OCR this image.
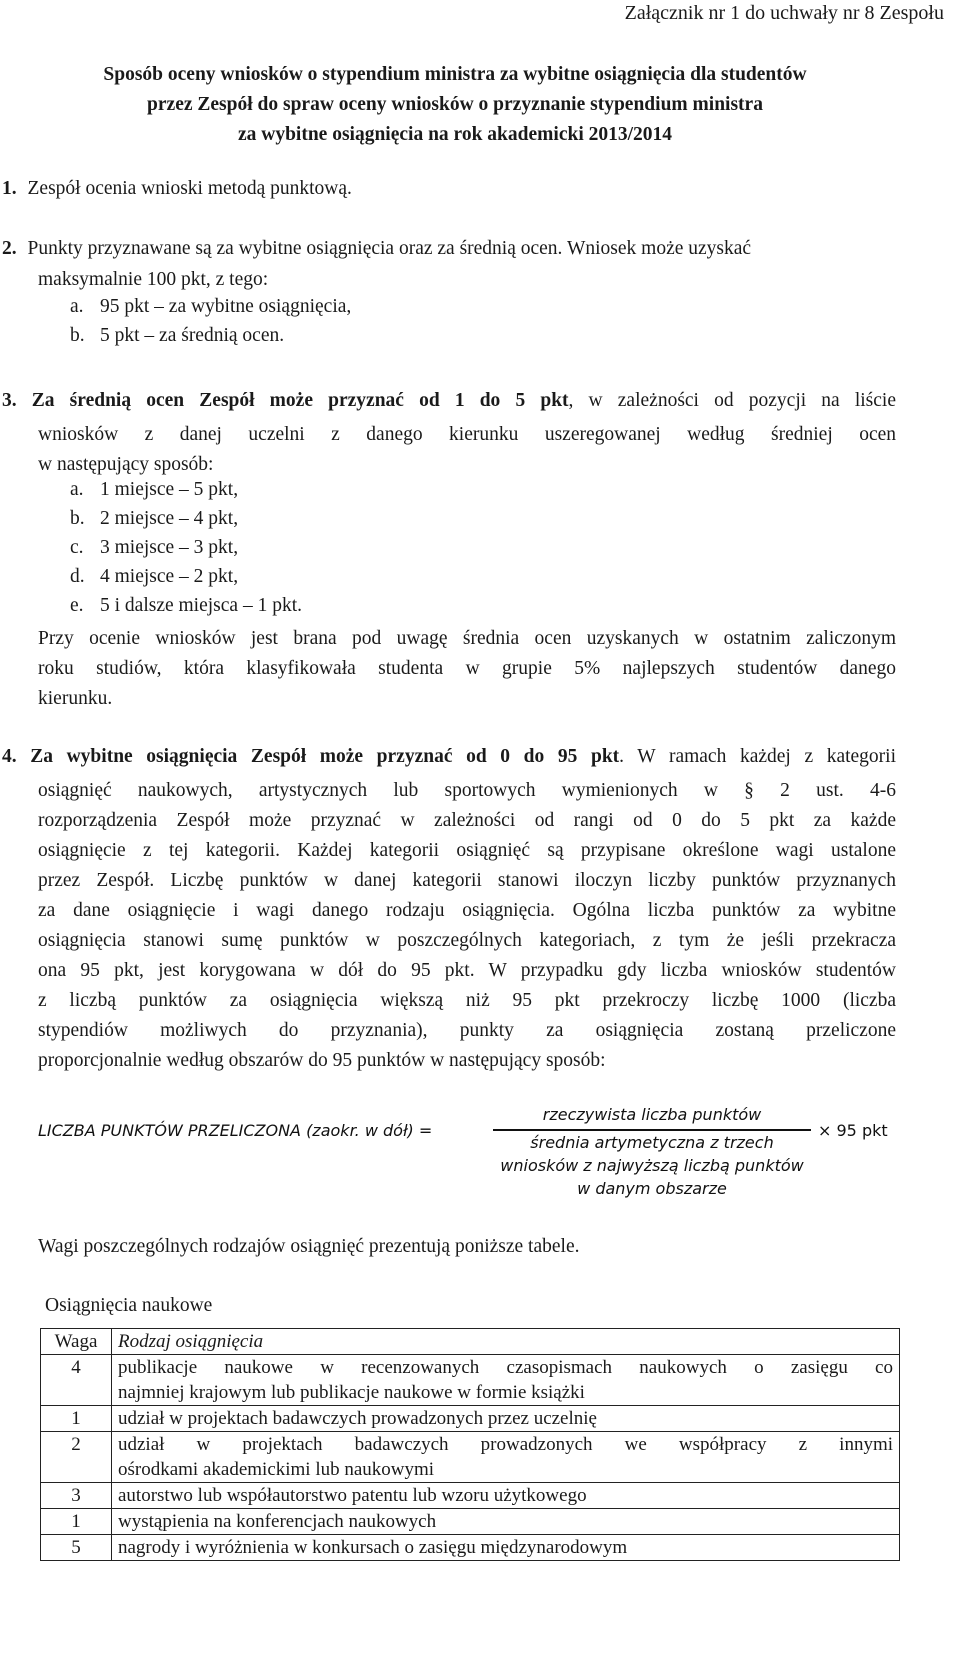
Załącznik nr 1 do uchwały nr 8 Zespołu
Sposób oceny wniosków o stypendium ministra za wybitne osiągnięcia dla studentów
przez Zespół do spraw oceny wniosków o przyznanie stypendium ministra
za wybitne osiągnięcia na rok akademicki 2013/2014
1. Zespół ocenia wnioski metodą punktową.
2. Punkty przyznawane są za wybitne osiągnięcia oraz za średnią ocen. Wniosek może uzyskać
maksymalnie 100 pkt, z tego:
a. 95 pkt – za wybitne osiągnięcia,
b. 5 pkt – za średnią ocen.
3. Za średnią ocen Zespół może przyznać od 1 do 5 pkt, w zależności od pozycji na liście
wniosków z danej uczelni z danego kierunku uszeregowanej według średniej ocen
w następujący sposób:
a. 1 miejsce – 5 pkt,
b. 2 miejsce – 4 pkt,
c. 3 miejsce – 3 pkt,
d. 4 miejsce – 2 pkt,
e. 5 i dalsze miejsca – 1 pkt.
Przy ocenie wniosków jest brana pod uwagę średnia ocen uzyskanych w ostatnim zaliczonym
roku studiów, która klasyfikowała studenta w grupie 5% najlepszych studentów danego
kierunku.
4. Za wybitne osiągnięcia Zespół może przyznać od 0 do 95 pkt. W ramach każdej z kategorii
osiągnięć naukowych, artystycznych lub sportowych wymienionych w § 2 ust. 4-6
rozporządzenia Zespół może przyznać w zależności od rangi od 0 do 5 pkt za każde
osiągnięcie z tej kategorii. Każdej kategorii osiągnięć są przypisane określone wagi ustalone
przez Zespół. Liczbę punktów w danej kategorii stanowi iloczyn liczby punktów przyznanych
za dane osiągnięcie i wagi danego rodzaju osiągnięcia. Ogólna liczba punktów za wybitne
osiągnięcia stanowi sumę punktów w poszczególnych kategoriach, z tym że jeśli przekracza
ona 95 pkt, jest korygowana w dół do 95 pkt. W przypadku gdy liczba wniosków studentów
z liczbą punktów za osiągnięcia większą niż 95 pkt przekroczy liczbę 1000 (liczba
stypendiów możliwych do przyznania), punkty za osiągnięcia zostaną przeliczone
proporcjonalnie według obszarów do 95 punktów w następujący sposób:
LICZBA PUNKTÓW PRZELICZONA (zaokr. w dół) =
rzeczywista liczba punktów
średnia artymetyczna z trzech
wniosków z najwyższą liczbą punktów
w danym obszarze
× 95 pkt
Wagi poszczególnych rodzajów osiągnięć prezentują poniższe tabele.
Osiągnięcia naukowe
Waga	Rodzaj osiągnięcia
4	publikacje naukowe w recenzowanych czasopismach naukowych o zasięgu co
najmniej krajowym lub publikacje naukowe w formie książki

1	udział w projektach badawczych prowadzonych przez uczelnię
2	udział w projektach badawczych prowadzonych we współpracy z innymi
ośrodkami akademickimi lub naukowymi

3	autorstwo lub współautorstwo patentu lub wzoru użytkowego
1	wystąpienia na konferencjach naukowych
5	nagrody i wyróżnienia w konkursach o zasięgu międzynarodowym
